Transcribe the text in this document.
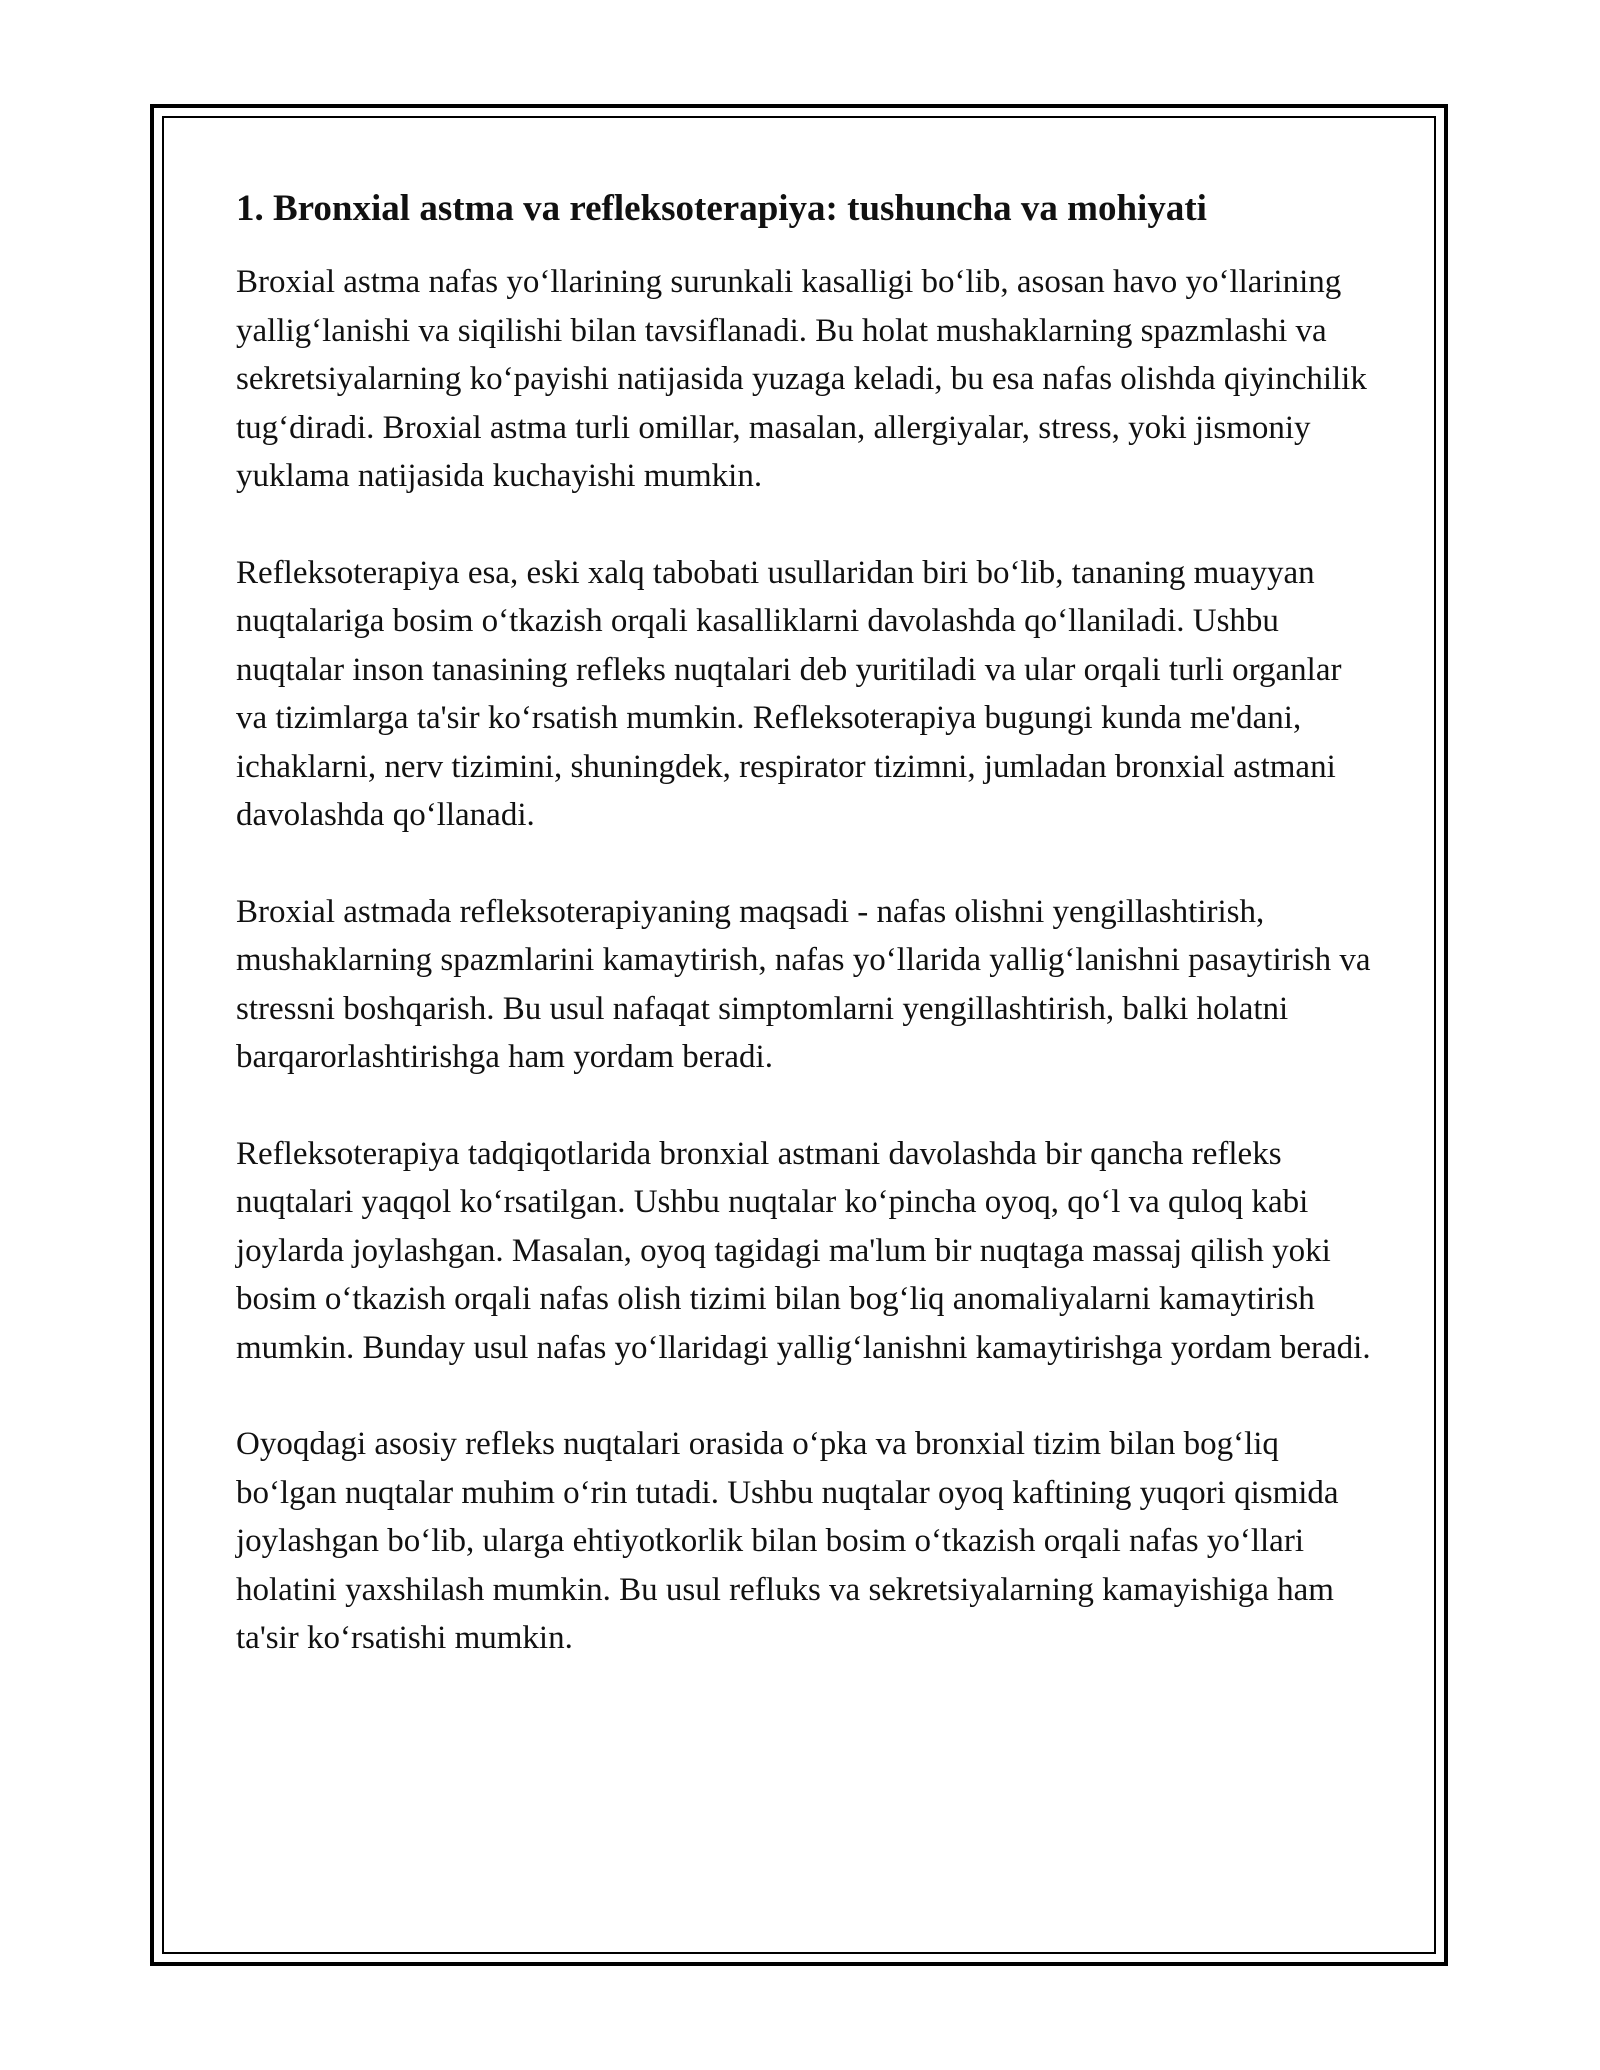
1. Bronxial astma va refleksoterapiya: tushuncha va mohiyati

Broxial astma nafas yo‘llarining surunkali kasalligi bo‘lib, asosan havo yo‘llarining yallig‘lanishi va siqilishi bilan tavsiflanadi. Bu holat mushaklarning spazmlashi va sekretsiyalarning ko‘payishi natijasida yuzaga keladi, bu esa nafas olishda qiyinchilik tug‘diradi. Broxial astma turli omillar, masalan, allergiyalar, stress, yoki jismoniy yuklama natijasida kuchayishi mumkin.

Refleksoterapiya esa, eski xalq tabobati usullaridan biri bo‘lib, tananing muayyan nuqtalariga bosim o‘tkazish orqali kasalliklarni davolashda qo‘llaniladi. Ushbu nuqtalar inson tanasining refleks nuqtalari deb yuritiladi va ular orqali turli organlar va tizimlarga ta'sir ko‘rsatish mumkin. Refleksoterapiya bugungi kunda me'dani, ichaklarni, nerv tizimini, shuningdek, respirator tizimni, jumladan bronxial astmani davolashda qo‘llanadi.

Broxial astmada refleksoterapiyaning maqsadi - nafas olishni yengillashtirish, mushaklarning spazmlarini kamaytirish, nafas yo‘llarida yallig‘lanishni pasaytirish va stressni boshqarish. Bu usul nafaqat simptomlarni yengillashtirish, balki holatni barqarorlashtirishga ham yordam beradi.

Refleksoterapiya tadqiqotlarida bronxial astmani davolashda bir qancha refleks nuqtalari yaqqol ko‘rsatilgan. Ushbu nuqtalar ko‘pincha oyoq, qo‘l va quloq kabi joylarda joylashgan. Masalan, oyoq tagidagi ma'lum bir nuqtaga massaj qilish yoki bosim o‘tkazish orqali nafas olish tizimi bilan bog‘liq anomaliyalarni kamaytirish mumkin. Bunday usul nafas yo‘llaridagi yallig‘lanishni kamaytirishga yordam beradi.

Oyoqdagi asosiy refleks nuqtalari orasida o‘pka va bronxial tizim bilan bog‘liq bo‘lgan nuqtalar muhim o‘rin tutadi. Ushbu nuqtalar oyoq kaftining yuqori qismida joylashgan bo‘lib, ularga ehtiyotkorlik bilan bosim o‘tkazish orqali nafas yo‘llari holatini yaxshilash mumkin. Bu usul refluks va sekretsiyalarning kamayishiga ham ta'sir ko‘rsatishi mumkin.
